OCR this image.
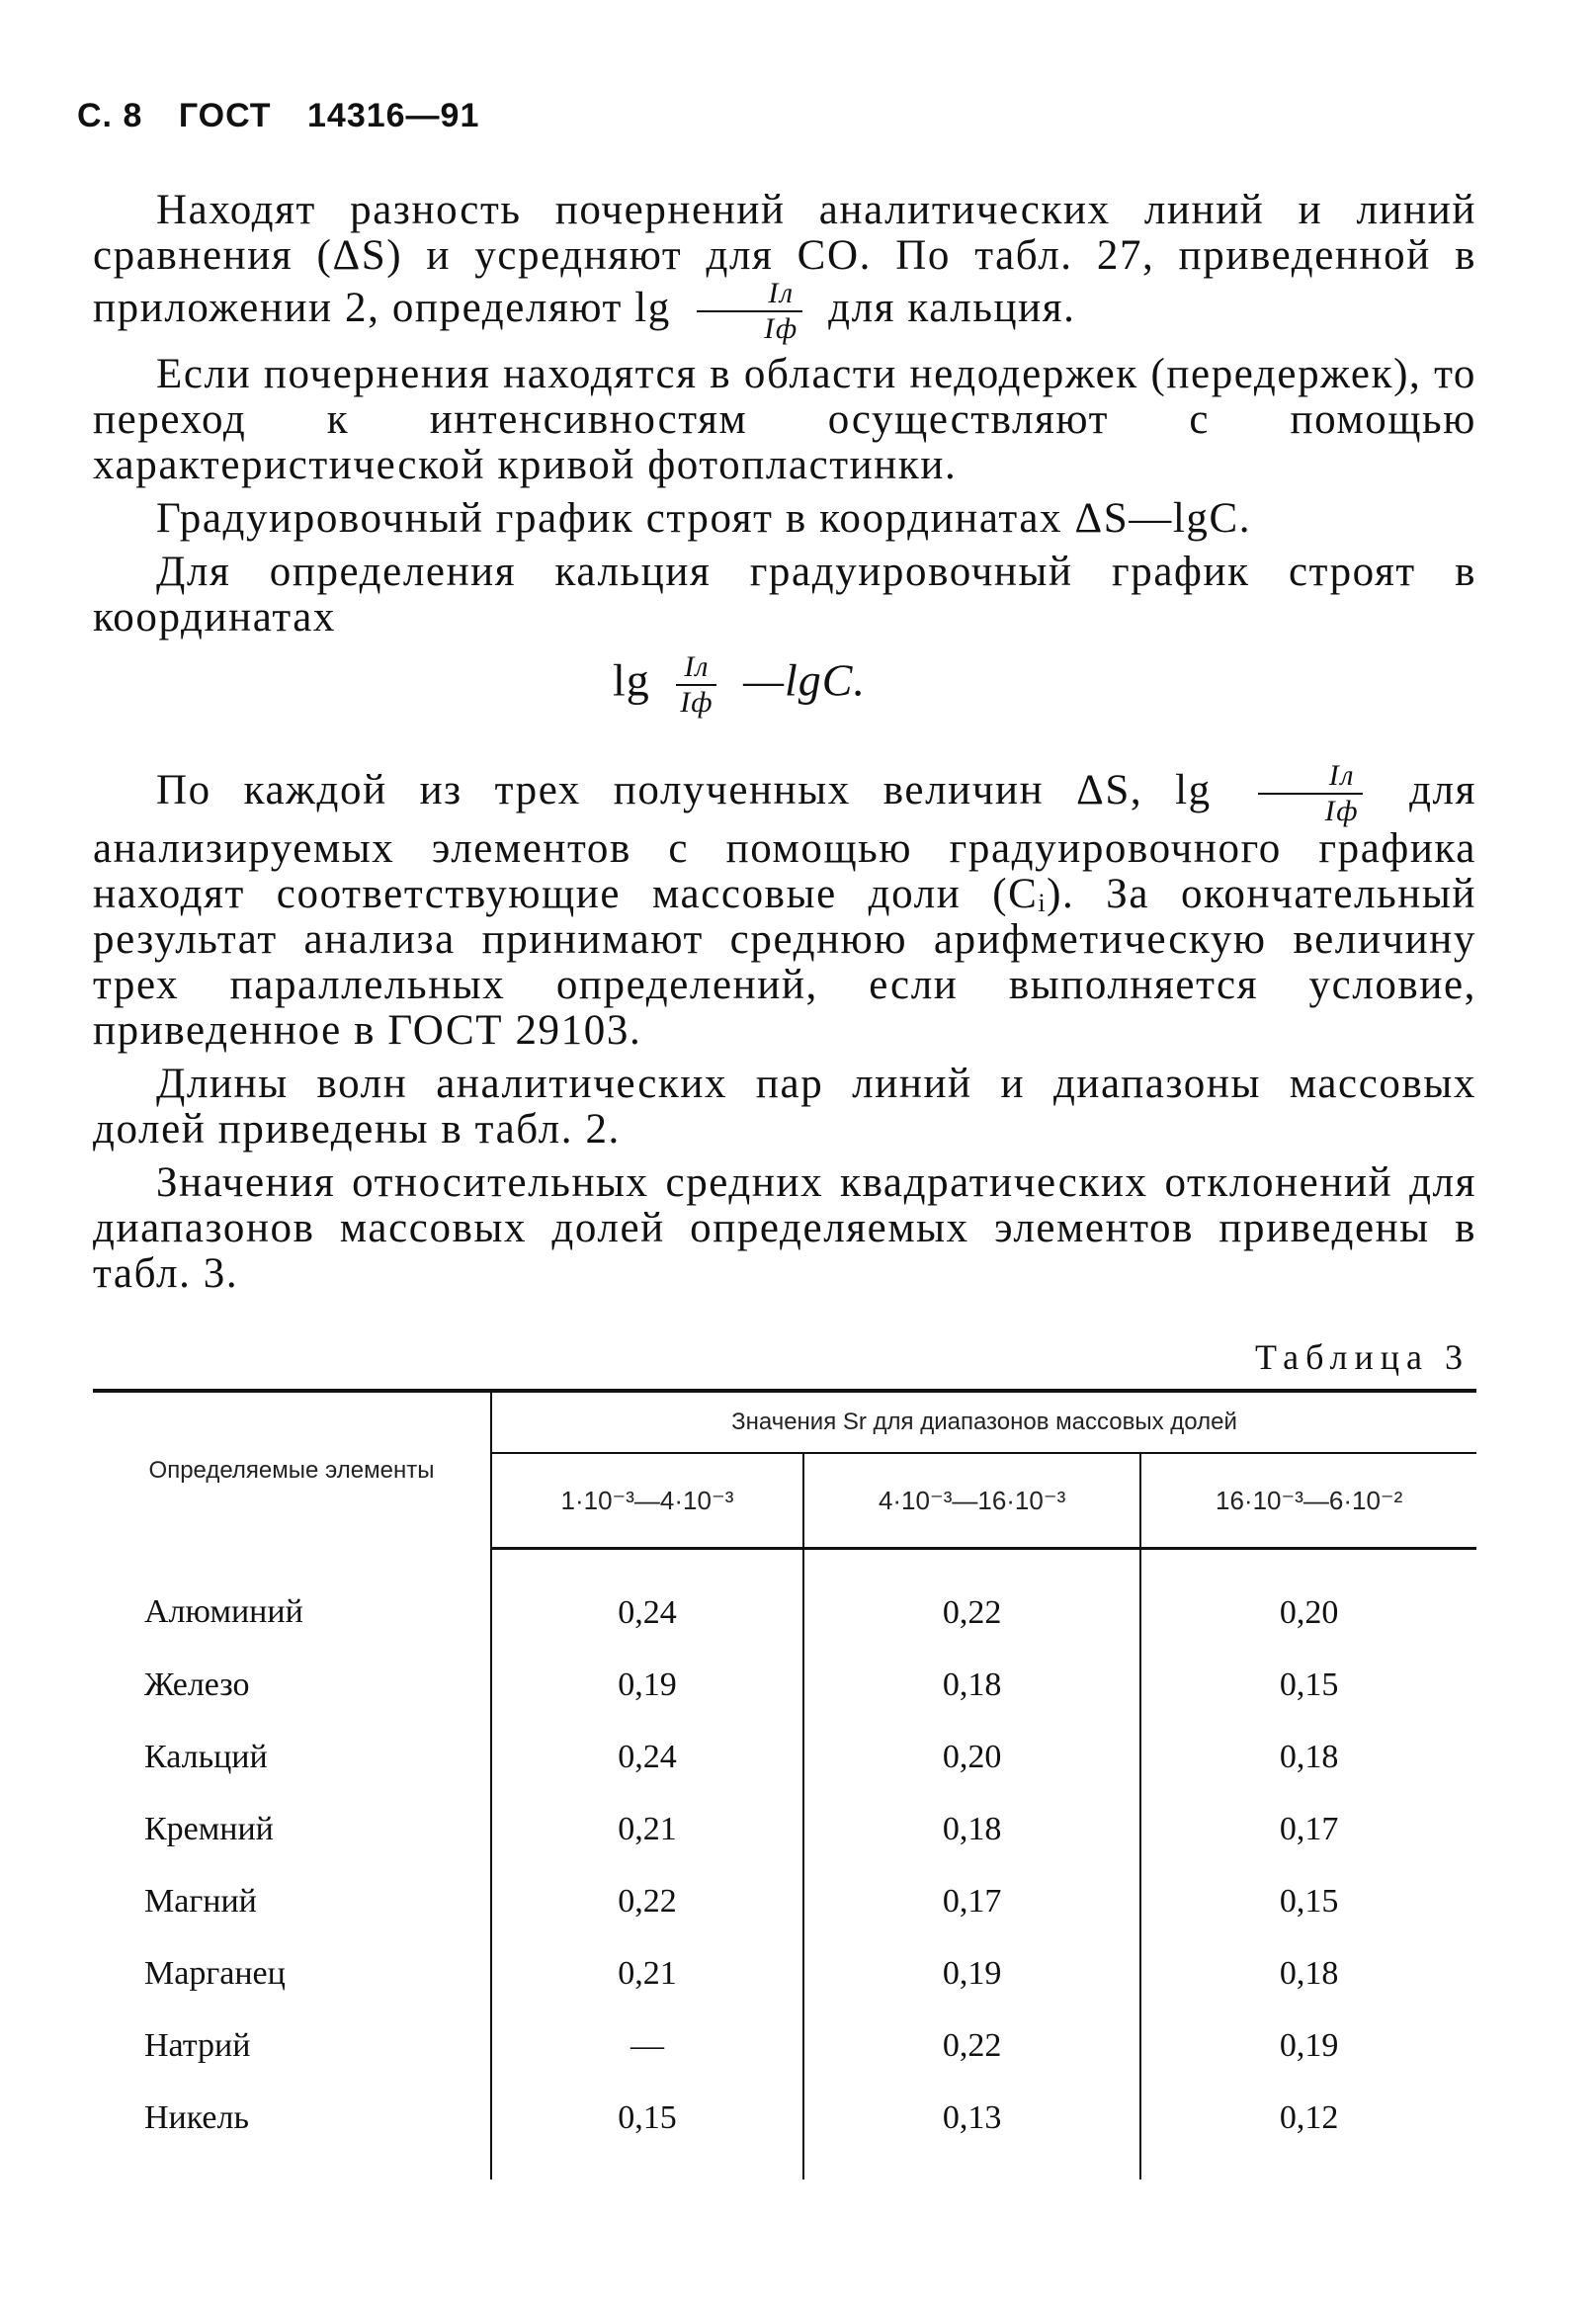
С. 8 ГОСТ 14316—91

Находят разность почернений аналитических линий и линий сравнения (ΔS) и усредняют для СО. По табл. 27, приведенной в приложении 2, определяют $\lg \frac{Iл}{Iф}$ для кальция.

Если почернения находятся в области недодержек (передержек), то переход к интенсивностям осуществляют с помощью характеристической кривой фотопластинки.

Градуировочный график строят в координатах ΔS—lgC.

Для определения кальция градуировочный график строят в координатах

$\lg \frac{Iл}{Iф}$ —lgC.

По каждой из трех полученных величин ΔS, $\lg \frac{Iл}{Iф}$ для анализируемых элементов с помощью градуировочного графика находят соответствующие массовые доли (Cᵢ). За окончательный результат анализа принимают среднюю арифметическую величину трех параллельных определений, если выполняется условие, приведенное в ГОСТ 29103.

Длины волн аналитических пар линий и диапазоны массовых долей приведены в табл. 2.

Значения относительных средних квадратических отклонений для диапазонов массовых долей определяемых элементов приведены в табл. 3.

Таблица 3
Определяемые элементы	Значения Sr для диапазонов массовых долей		
	1·10⁻³—4·10⁻³	4·10⁻³—16·10⁻³	16·10⁻³—6·10⁻²
Алюминий	0,24	0,22	0,20
Железо	0,19	0,18	0,15
Кальций	0,24	0,20	0,18
Кремний	0,21	0,18	0,17
Магний	0,22	0,17	0,15
Марганец	0,21	0,19	0,18
Натрий	—	0,22	0,19
Никель	0,15	0,13	0,12
